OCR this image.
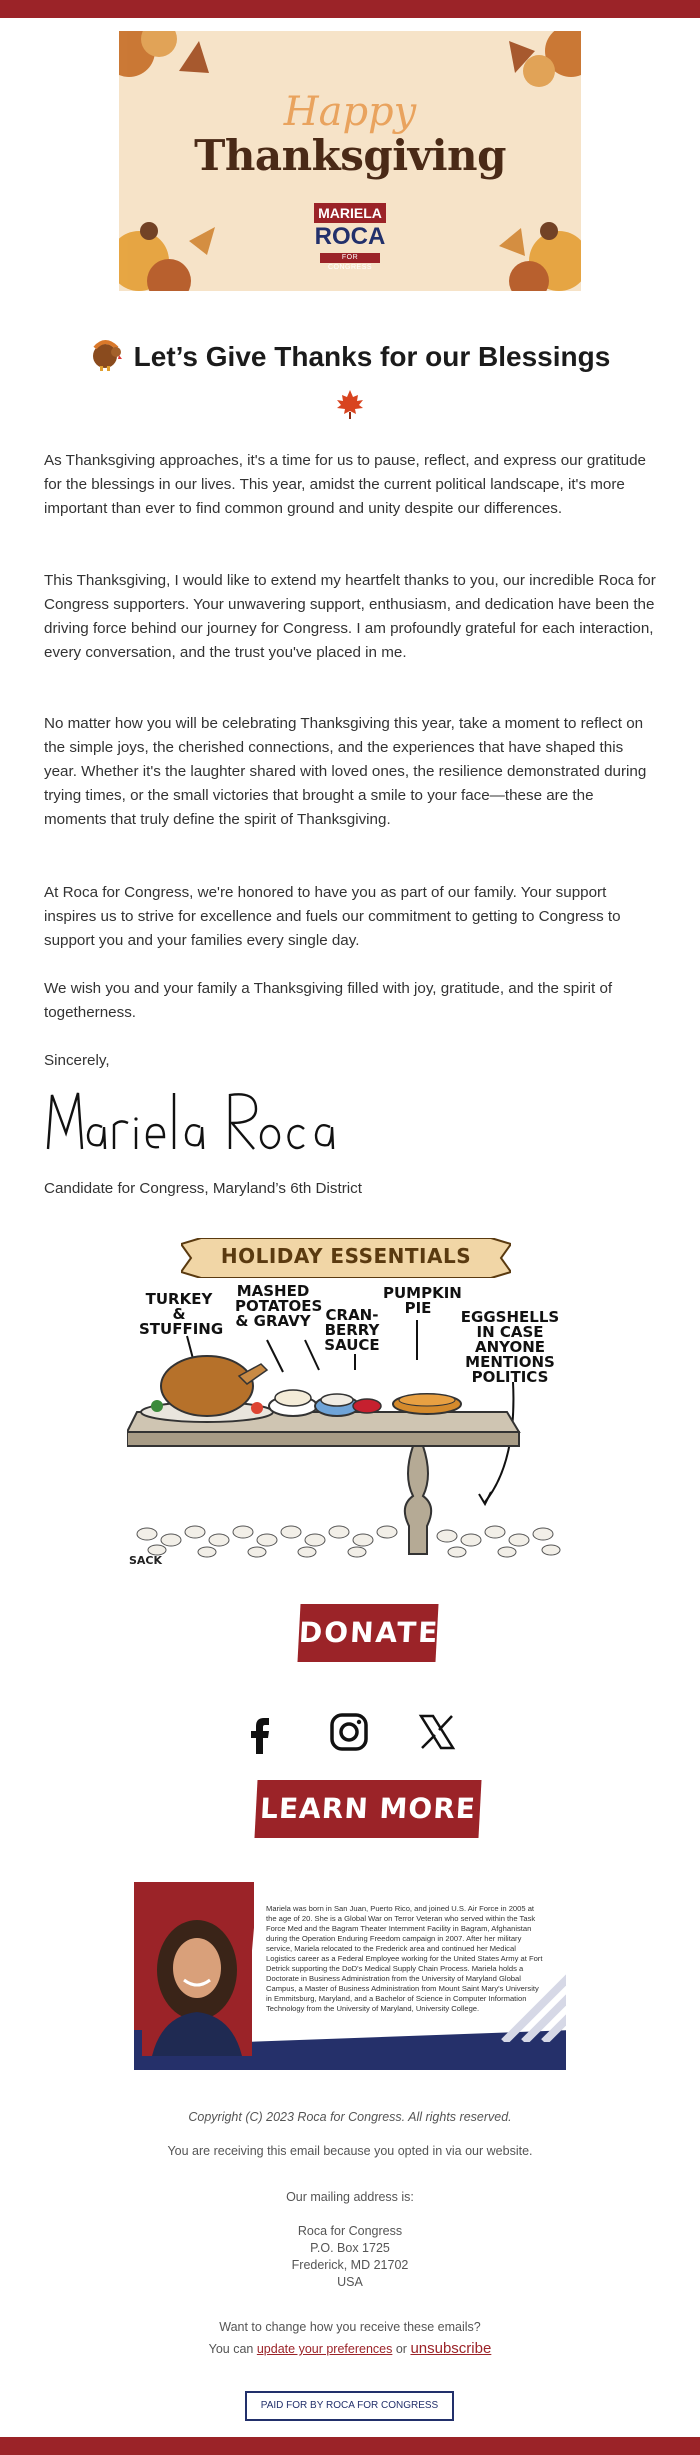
Happy
Thanksgiving
MARIELA
ROCA
FOR CONGRESS
Let’s Give Thanks for our Blessings
As Thanksgiving approaches, it's a time for us to pause, reflect, and express our gratitude for the blessings in our lives. This year, amidst the current political landscape, it's more important than ever to find common ground and unity despite our differences.
This Thanksgiving, I would like to extend my heartfelt thanks to you, our incredible Roca for Congress supporters. Your unwavering support, enthusiasm, and dedication have been the driving force behind our journey for Congress. I am profoundly grateful for each interaction, every conversation, and the trust you've placed in me.
No matter how you will be celebrating Thanksgiving this year, take a moment to reflect on the simple joys, the cherished connections, and the experiences that have shaped this year. Whether it's the laughter shared with loved ones, the resilience demonstrated during trying times, or the small victories that brought a smile to your face—these are the moments that truly define the spirit of Thanksgiving.
At Roca for Congress, we're honored to have you as part of our family. Your support inspires us to strive for excellence and fuels our commitment to getting to Congress to support you and your families every single day.
We wish you and your family a Thanksgiving filled with joy, gratitude, and the spirit of togetherness.
Sincerely,
Candidate for Congress, Maryland’s 6th District
HOLIDAY ESSENTIALS
TURKEY & STUFFING
MASHED POTATOES & GRAVY CRAN-BERRY SAUCE
PUMPKIN PIE	EGGSHELLS IN CASE ANYONE MENTIONS POLITICS
SACK
DONATE
LEARN MORE
Mariela was born in San Juan, Puerto Rico, and joined U.S. Air Force in 2005 at the age of 20. She is a Global War on Terror Veteran who served within the Task Force Med and the Bagram Theater Internment Facility in Bagram, Afghanistan during the Operation Enduring Freedom campaign in 2007. After her military service, Mariela relocated to the Frederick area and continued her Medical Logistics career as a Federal Employee working for the United States Army at Fort Detrick supporting the DoD's Medical Supply Chain Process. Mariela holds a Doctorate in Business Administration from the University of Maryland Global Campus, a Master of Business Administration from Mount Saint Mary's University in Emmitsburg, Maryland, and a Bachelor of Science in Computer Information Technology from the University of Maryland, University College.
Copyright (C) 2023 Roca for Congress. All rights reserved.
You are receiving this email because you opted in via our website.
Our mailing address is:
Roca for Congress
P.O. Box 1725
Frederick, MD 21702
USA
Want to change how you receive these emails?
You can update your preferences or unsubscribe
PAID FOR BY ROCA FOR CONGRESS
